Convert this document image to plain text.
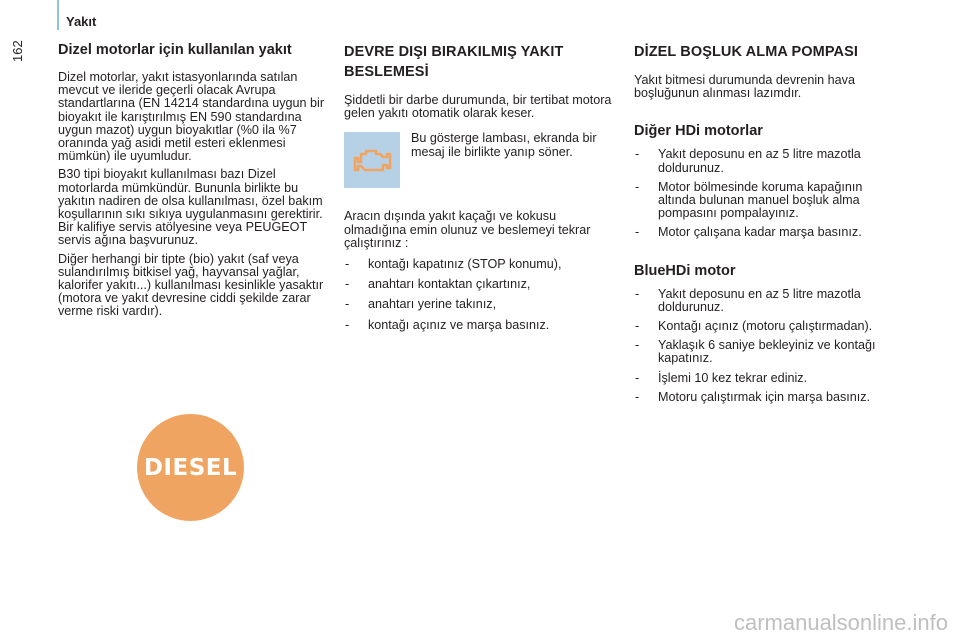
Yakıt
162 Dizel motorlar için kullanılan yakıt

Dizel motorlar, yakıt istasyonlarında satılan mevcut ve ileride geçerli olacak Avrupa standartlarına (EN 14214 standardına uygun bir bioyakıt ile karıştırılmış EN 590 standardına uygun mazot) uygun bioyakıtlar (%0 ila %7 oranında yağ asidi metil esteri eklenmesi mümkün) ile uyumludur.

B30 tipi bioyakıt kullanılması bazı Dizel motorlarda mümkündür. Bununla birlikte bu yakıtın nadiren de olsa kullanılması, özel bakım koşullarının sıkı sıkıya uygulanmasını gerektirir. Bir kalifiye servis atölyesine veya PEUGEOT servis ağına başvurunuz.

Diğer herhangi bir tipte (bio) yakıt (saf veya sulandırılmış bitkisel yağ, hayvansal yağlar, kalorifer yakıtı...) kullanılması kesinlikle yasaktır (motora ve yakıt devresine ciddi şekilde zarar verme riski vardır).

DIESEL
DEVRE DIŞI BIRAKILMIŞ YAKIT BESLEMESİ

Şiddetli bir darbe durumunda, bir tertibat motora gelen yakıtı otomatik olarak keser.

Bu gösterge lambası, ekranda bir mesaj ile birlikte yanıp söner.

Aracın dışında yakıt kaçağı ve kokusu olmadığına emin olunuz ve beslemeyi tekrar çalıştırınız :

- kontağı kapatınız (STOP konumu),
- anahtarı kontaktan çıkartınız,
- anahtarı yerine takınız,
- kontağı açınız ve marşa basınız.
DİZEL BOŞLUK ALMA POMPASI

Yakıt bitmesi durumunda devrenin hava boşluğunun alınması lazımdır.

Diğer HDi motorlar
- Yakıt deposunu en az 5 litre mazotla doldurunuz.
- Motor bölmesinde koruma kapağının altında bulunan manuel boşluk alma pompasını pompalayınız.
- Motor çalışana kadar marşa basınız.
BlueHDi motor
- Yakıt deposunu en az 5 litre mazotla doldurunuz.
- Kontağı açınız (motoru çalıştırmadan).
- Yaklaşık 6 saniye bekleyiniz ve kontağı kapatınız.
- İşlemi 10 kez tekrar ediniz.
- Motoru çalıştırmak için marşa basınız.
carmanualsonline.info
